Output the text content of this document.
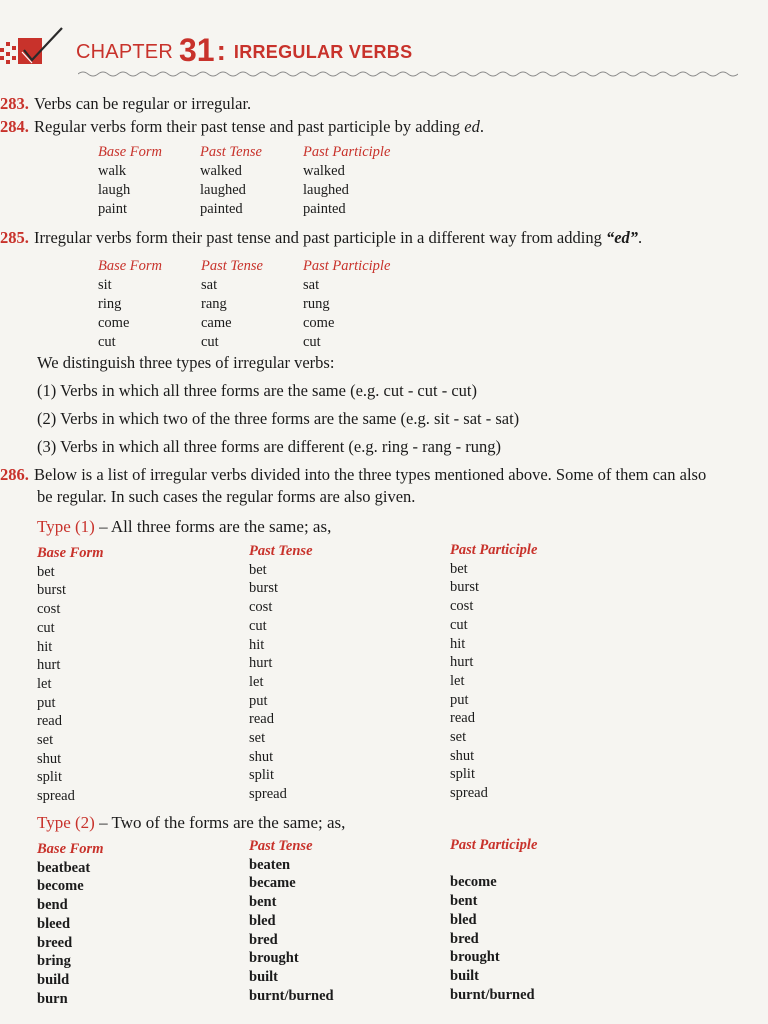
CHAPTER 31: IRREGULAR VERBS
283. Verbs can be regular or irregular.
284. Regular verbs form their past tense and past participle by adding ed.
Base Form
walk
laugh
paint
Past Tense
walked
laughed
painted
Past Participle
walked
laughed
painted
285. Irregular verbs form their past tense and past participle in a different way from adding “ed”.
Base Form
sit
ring
come
cut
Past Tense
sat
rang
came
cut
Past Participle
sat
rung
come
cut
We distinguish three types of irregular verbs:
(1) Verbs in which all three forms are the same (e.g. cut - cut - cut)
(2) Verbs in which two of the three forms are the same (e.g. sit - sat - sat)
(3) Verbs in which all three forms are different (e.g. ring - rang - rung)
286. Below is a list of irregular verbs divided into the three types mentioned above. Some of them can also
be regular. In such cases the regular forms are also given.
Type (1) – All three forms are the same; as,
Base Form
bet
burst
cost
cut
hit
hurt
let
put
read
set
shut
split
spread
Past Tense
bet
burst
cost
cut
hit
hurt
let
put
read
set
shut
split
spread
Past Participle
bet
burst
cost
cut
hit
hurt
let
put
read
set
shut
split
spread
Type (2) – Two of the forms are the same; as,
Base Form
beatbeat
become
bend
bleed
breed
bring
build
burn
Past Tense
beaten
became
bent
bled
bred
brought
built
burnt/burned
Past Participle

become
bent
bled
bred
brought
built
burnt/burned
